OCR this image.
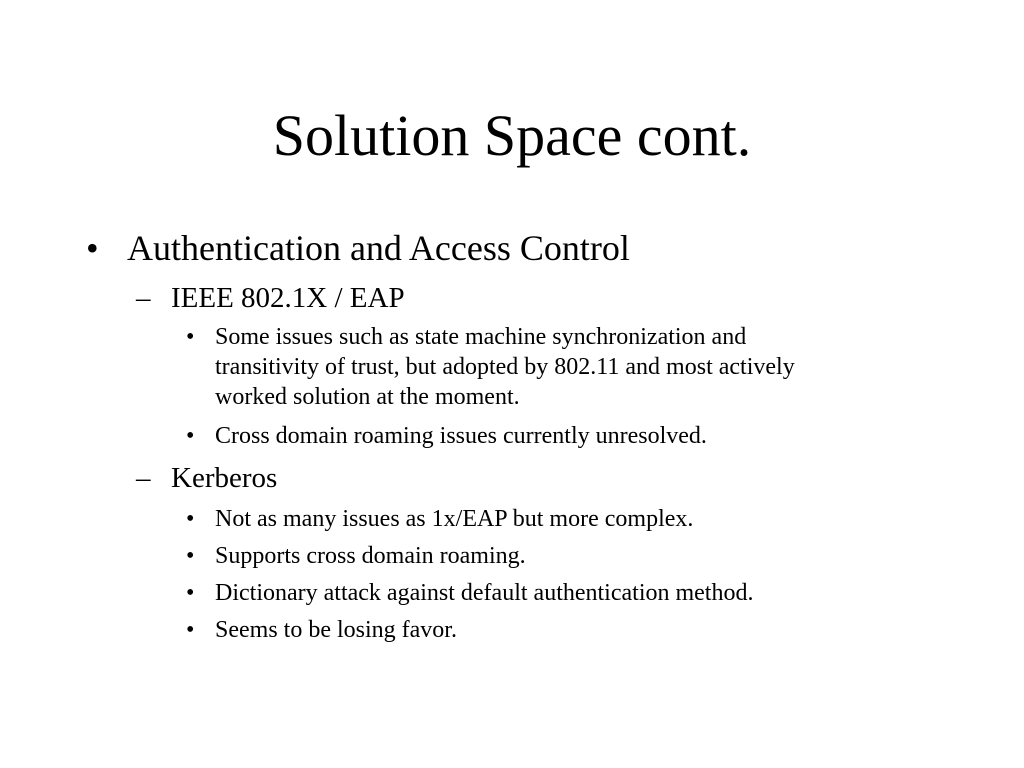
Solution Space cont.
• Authentication and Access Control
– IEEE 802.1X / EAP
• Some issues such as state machine synchronization and
transitivity of trust, but adopted by 802.11 and most actively
worked solution at the moment.
• Cross domain roaming issues currently unresolved.
– Kerberos
• Not as many issues as 1x/EAP but more complex.
• Supports cross domain roaming.
• Dictionary attack against default authentication method.
• Seems to be losing favor.
